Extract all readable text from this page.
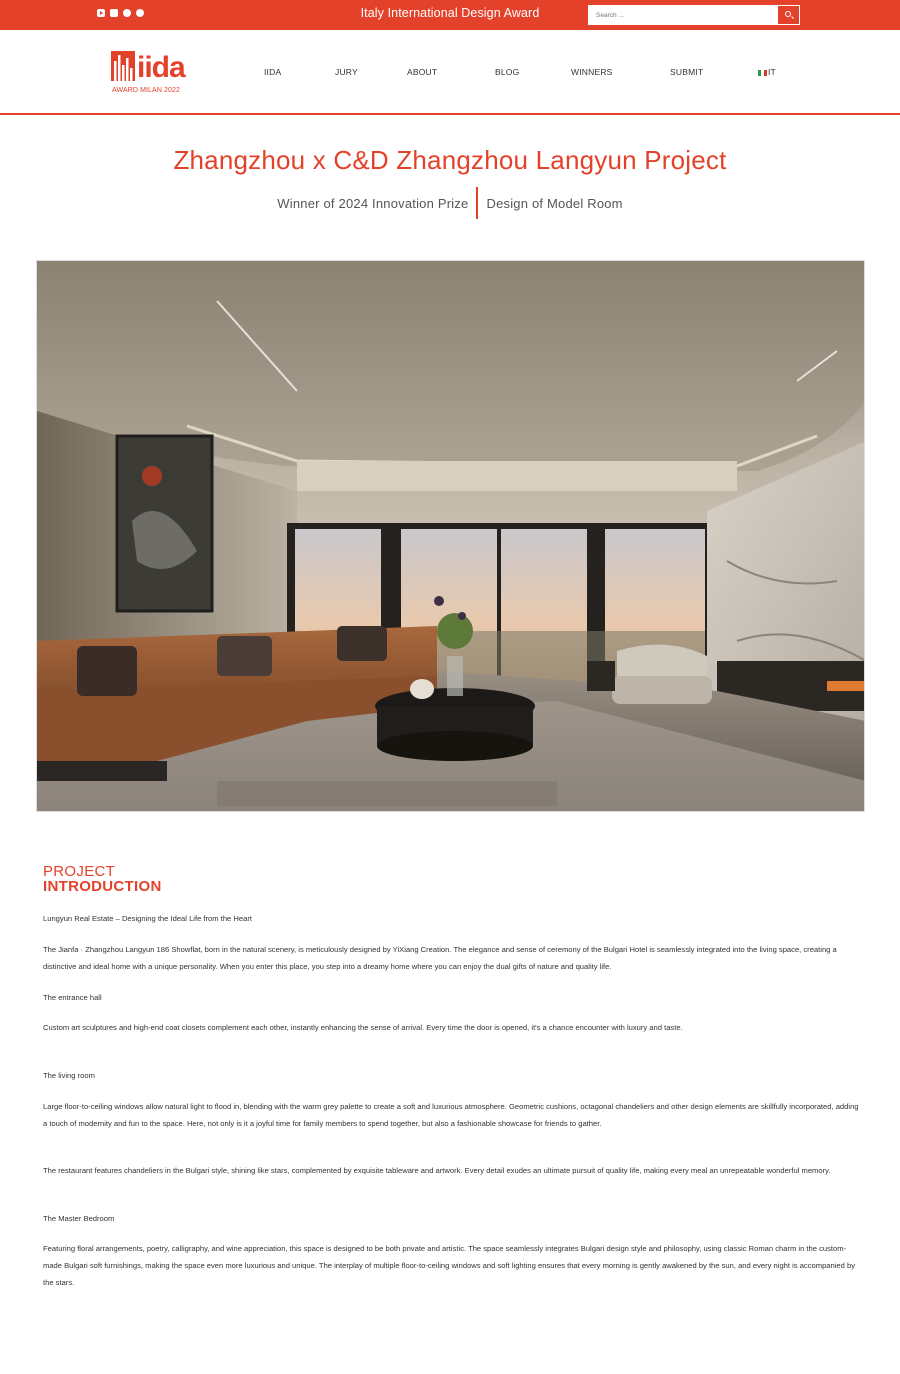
Italy International Design Award
Search ...
iida
AWARD MILAN 2022
IIDA	JURY	ABOUT	BLOG	WINNERS	SUBMIT	IT
Zhangzhou x C&D Zhangzhou Langyun Project
Winner of 2024 Innovation Prize	Design of Model Room
PROJECT
INTRODUCTION

Lungyun Real Estate – Designing the Ideal Life from the Heart

The Jianfa · Zhangzhou Langyun 186 Showflat, born in the natural scenery, is meticulously designed by YiXiang Creation. The elegance and sense of ceremony of the Bulgari Hotel is seamlessly integrated into the living space, creating a distinctive and ideal home with a unique personality. When you enter this place, you step into a dreamy home where you can enjoy the dual gifts of nature and quality life.

The entrance hall

Custom art sculptures and high-end coat closets complement each other, instantly enhancing the sense of arrival. Every time the door is opened, it's a chance encounter with luxury and taste.

The living room

Large floor-to-ceiling windows allow natural light to flood in, blending with the warm grey palette to create a soft and luxurious atmosphere. Geometric cushions, octagonal chandeliers and other design elements are skillfully incorporated, adding a touch of modernity and fun to the space. Here, not only is it a joyful time for family members to spend together, but also a fashionable showcase for friends to gather.

The restaurant features chandeliers in the Bulgari style, shining like stars, complemented by exquisite tableware and artwork. Every detail exudes an ultimate pursuit of quality life, making every meal an unrepeatable wonderful memory.

The Master Bedroom

Featuring floral arrangements, poetry, calligraphy, and wine appreciation, this space is designed to be both private and artistic. The space seamlessly integrates Bulgari design style and philosophy, using classic Roman charm in the custom-made Bulgari soft furnishings, making the space even more luxurious and unique. The interplay of multiple floor-to-ceiling windows and soft lighting ensures that every morning is gently awakened by the sun, and every night is accompanied by the stars.
